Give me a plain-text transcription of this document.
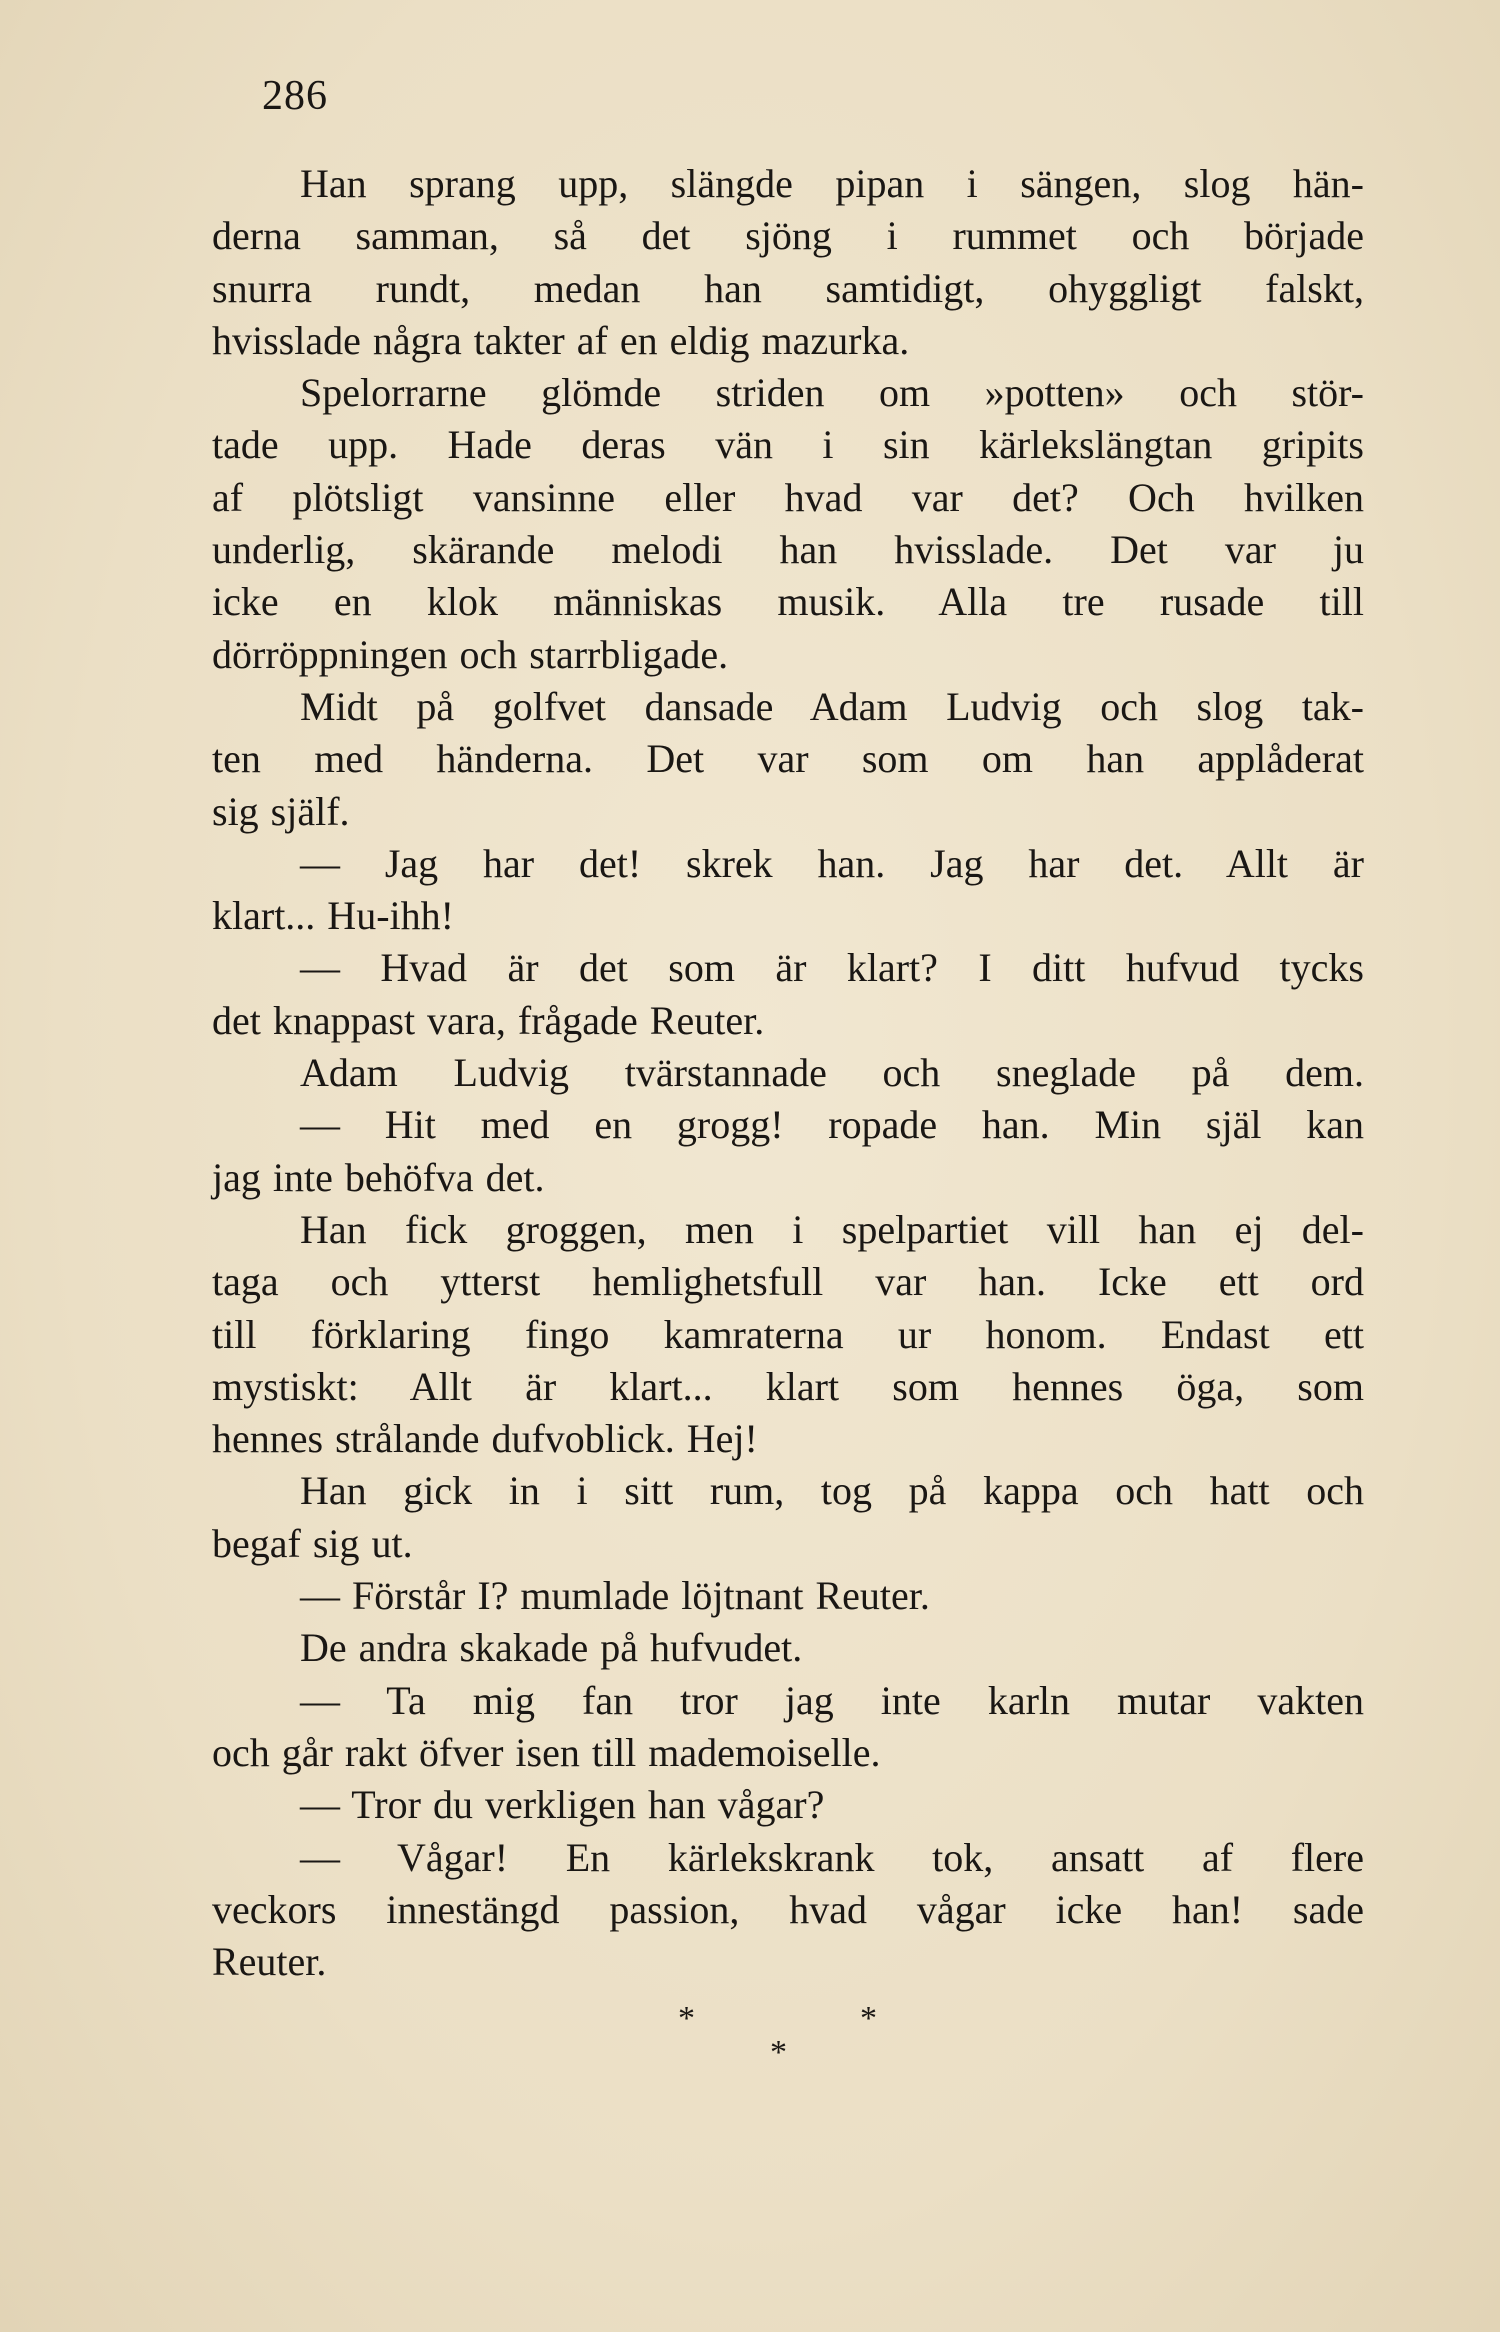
286
Han sprang upp, slängde pipan i sängen, slog hän-
derna samman, så det sjöng i rummet och började
snurra rundt, medan han samtidigt, ohyggligt falskt,
hvisslade några takter af en eldig mazurka.
Spelorrarne glömde striden om »potten» och stör-
tade upp. Hade deras vän i sin kärlekslängtan gripits
af plötsligt vansinne eller hvad var det? Och hvilken
underlig, skärande melodi han hvisslade. Det var ju
icke en klok människas musik. Alla tre rusade till
dörröppningen och starrbligade.
Midt på golfvet dansade Adam Ludvig och slog tak-
ten med händerna. Det var som om han applåderat
sig själf.
— Jag har det! skrek han. Jag har det. Allt är
klart... Hu-ihh!
— Hvad är det som är klart? I ditt hufvud tycks
det knappast vara, frågade Reuter.
Adam Ludvig tvärstannade och sneglade på dem.
— Hit med en grogg! ropade han. Min själ kan
jag inte behöfva det.
Han fick groggen, men i spelpartiet vill han ej del-
taga och ytterst hemlighetsfull var han. Icke ett ord
till förklaring fingo kamraterna ur honom. Endast ett
mystiskt: Allt är klart... klart som hennes öga, som
hennes strålande dufvoblick. Hej!
Han gick in i sitt rum, tog på kappa och hatt och
begaf sig ut.
— Förstår I? mumlade löjtnant Reuter.
De andra skakade på hufvudet.
— Ta mig fan tror jag inte karln mutar vakten
och går rakt öfver isen till mademoiselle.
— Tror du verkligen han vågar?
— Vågar! En kärlekskrank tok, ansatt af flere
veckors innestängd passion, hvad vågar icke han! sade
Reuter.
*	*
*
